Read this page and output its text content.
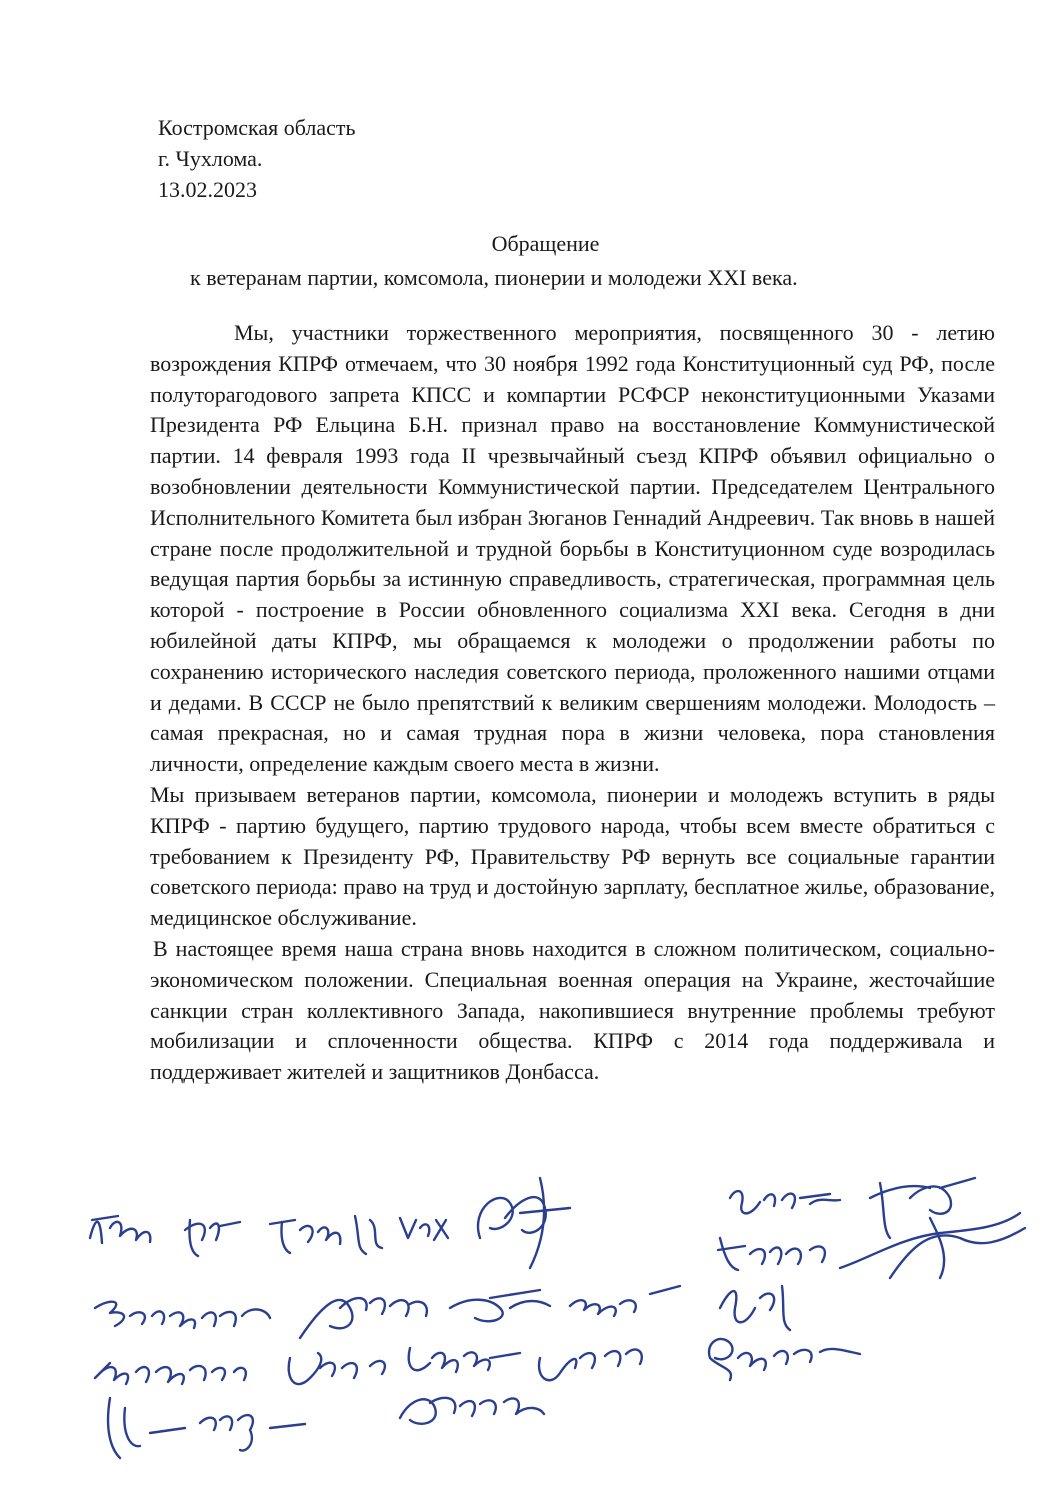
Костромская область
г. Чухлома.
13.02.2023
Обращение
к ветеранам партии, комсомола, пионерии и молодежи XXI века.

Мы, участники торжественного мероприятия, посвященного 30 - летию возрождения КПРФ отмечаем, что 30 ноября 1992 года Конституционный суд РФ, после полуторагодового запрета КПСС и компартии РСФСР неконституционными Указами Президента РФ Ельцина Б.Н. признал право на восстановление Коммунистической партии. 14 февраля 1993 года II чрезвычайный съезд КПРФ объявил официально о возобновлении деятельности Коммунистической партии. Председателем Центрального Исполнительного Комитета был избран Зюганов Геннадий Андреевич. Так вновь в нашей стране после продолжительной и трудной борьбы в Конституционном суде возродилась ведущая партия борьбы за истинную справедливость, стратегическая, программная цель которой - построение в России обновленного социализма XXI века. Сегодня в дни юбилейной даты КПРФ, мы обращаемся к молодежи о продолжении работы по сохранению исторического наследия советского периода, проложенного нашими отцами и дедами. В СССР не было препятствий к великим свершениям молодежи. Молодость – самая прекрасная, но и самая трудная пора в жизни человека, пора становления личности, определение каждым своего места в жизни.

Мы призываем ветеранов партии, комсомола, пионерии и молодежъ вступить в ряды КПРФ - партию будущего, партию трудового народа, чтобы всем вместе обратиться с требованием к Президенту РФ, Правительству РФ вернуть все социальные гарантии советского периода: право на труд и достойную зарплату, бесплатное жилье, образование, медицинское обслуживание.

В настоящее время наша страна вновь находится в сложном политическом, социально-экономическом положении. Специальная военная операция на Украине, жесточайшие санкции стран коллективного Запада, накопившиеся внутренние проблемы требуют мобилизации и сплоченности общества. КПРФ с 2014 года поддерживала и поддерживает жителей и защитников Донбасса.
